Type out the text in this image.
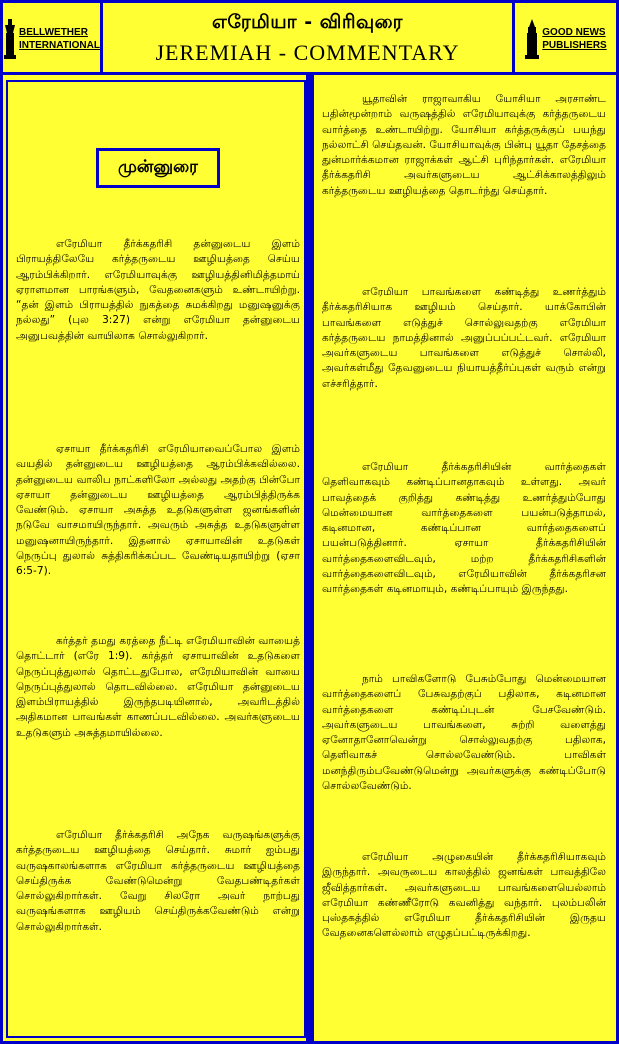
BELLWETHER
INTERNATIONAL
எரேமியா - விரிவுரை
JEREMIAH - COMMENTARY
GOOD NEWS
PUBLISHERS
முன்னுரை

எரேமியா தீர்க்கதரிசி தன்னுடைய இளம் பிராயத்திலேயே கர்த்தருடைய ஊழியத்தை செய்ய ஆரம்பிக்கிறார். எரேமியாவுக்கு ஊழியத்தினிமித்தமாய் ஏராளமான பாரங்களும், வேதனைகளும் உண்டாயிற்று. “தன் இளம் பிராயத்தில் நுகத்தை சுமக்கிறது மனுஷனுக்கு நல்லது” (புல 3:27) என்று எரேமியா தன்னுடைய அனுபவத்தின் வாயிலாக சொல்லுகிறார்.

ஏசாயா தீர்க்கதரிசி எரேமியாவைப்போல இளம் வயதில் தன்னுடைய ஊழியத்தை ஆரம்பிக்கவில்லை. தன்னுடைய வாலிப நாட்களிலோ அல்லது அதற்கு பின்போ ஏசாயா தன்னுடைய ஊழியத்தை ஆரம்பித்திருக்க வேண்டும். ஏசாயா அசுத்த உதடுகளுள்ள ஜனங்களின் நடுவே வாசமாயிருந்தார். அவரும் அசுத்த உதடுகளுள்ள மனுஷனாயிருந்தார். இதனால் ஏசாயாவின் உதடுகள் நெருப்பு துலால் சுத்திகரிக்கப்பட வேண்டியதாயிற்று (ஏசா 6:5-7).

கர்த்தர் தமது கரத்தை நீட்டி எரேமியாவின் வாயைத் தொட்டார் (எரே 1:9). கர்த்தர் ஏசாயாவின் உதடுகளை நெருப்புத்துலால் தொட்டதுபோல, எரேமியாவின் வாயை நெருப்புத்துலால் தொடவில்லை. எரேமியா தன்னுடைய இளம்பிராயத்தில் இருந்தபடியினால், அவரிடத்தில் அதிகமான பாவங்கள் காணப்படவில்லை. அவர்களுடைய உதடுகளும் அசுத்தமாயில்லை.

எரேமியா தீர்க்கதரிசி அநேக வருஷங்களுக்கு கர்த்தருடைய ஊழியத்தை செய்தார். சுமார் ஐம்பது வருஷகாலங்களாக எரேமியா கர்த்தருடைய ஊழியத்தை செய்திருக்க வேண்டுமென்று வேதபண்டிதர்கள் சொல்லுகிறார்கள். வேறு சிலரோ அவர் நாற்பது வருஷங்களாக ஊழியம் செய்திருக்கவேண்டும் என்று சொல்லுகிறார்கள்.

யூதாவின் ராஜாவாகிய யோசியா அரசாண்ட பதின்மூன்றாம் வருஷத்தில் எரேமியாவுக்கு கர்த்தருடைய வார்த்தை உண்டாயிற்று. யோசியா கர்த்தருக்குப் பயந்து நல்லாட்சி செய்தவன். யோசியாவுக்கு பின்பு யூதா தேசத்தை துன்மார்க்கமான ராஜாக்கள் ஆட்சி புரிந்தார்கள். எரேமியா தீர்க்கதரிசி அவர்களுடைய ஆட்சிக்காலத்திலும் கர்த்தருடைய ஊழியத்தை தொடர்ந்து செய்தார்.

எரேமியா பாவங்களை கண்டித்து உணர்த்தும் தீர்க்கதரிசியாக ஊழியம் செய்தார். யாக்கோபின் பாவங்களை எடுத்துச் சொல்லுவதற்கு எரேமியா கர்த்தருடைய நாமத்தினால் அனுப்பப்பட்டவர். எரேமியா அவர்களுடைய பாவங்களை எடுத்துச் சொல்லி, அவர்கள்மீது தேவனுடைய நியாயத்தீர்ப்புகள் வரும் என்று எச்சரித்தார்.

எரேமியா தீர்க்கதரிசியின் வார்த்தைகள் தெளிவாகவும் கண்டிப்பானதாகவும் உள்ளது. அவர் பாவத்தைக் குறித்து கண்டித்து உணர்த்தும்போது மென்மையான வார்த்தைகளை பயன்படுத்தாமல், கடினமான, கண்டிப்பான வார்த்தைகளைப் பயன்படுத்தினார். ஏசாயா தீர்க்கதரிசியின் வார்த்தைகளைவிடவும், மற்ற தீர்க்கதரிசிகளின் வார்த்தைகளைவிடவும், எரேமியாவின் தீர்க்கதரிசன வார்த்தைகள் கடினமாயும், கண்டிப்பாயும் இருந்தது.

நாம் பாவிகளோடு பேசும்போது மென்மையான வார்த்தைகளைப் பேசுவதற்குப் பதிலாக, கடினமான வார்த்தைகளை கண்டிப்புடன் பேசவேண்டும். அவர்களுடைய பாவங்களை, சுற்றி வளைத்து ஏனோதானோவென்று சொல்லுவதற்கு பதிலாக, தெளிவாகச் சொல்லவேண்டும். பாவிகள் மனந்திரும்பவேண்டுமென்று அவர்களுக்கு கண்டிப்போடு சொல்லவேண்டும்.

எரேமியா அழுகையின் தீர்க்கதரிசியாகவும் இருந்தார். அவருடைய காலத்தில் ஜனங்கள் பாவத்திலே ஜீவித்தார்கள். அவர்களுடைய பாவங்களையெல்லாம் எரேமியா கண்ணீரோடு கவனித்து வந்தார். புலம்பலின் புஸ்தகத்தில் எரேமியா தீர்க்கதரிசியின் இருதய வேதனைகளெல்லாம் எழுதப்பட்டிருக்கிறது.
